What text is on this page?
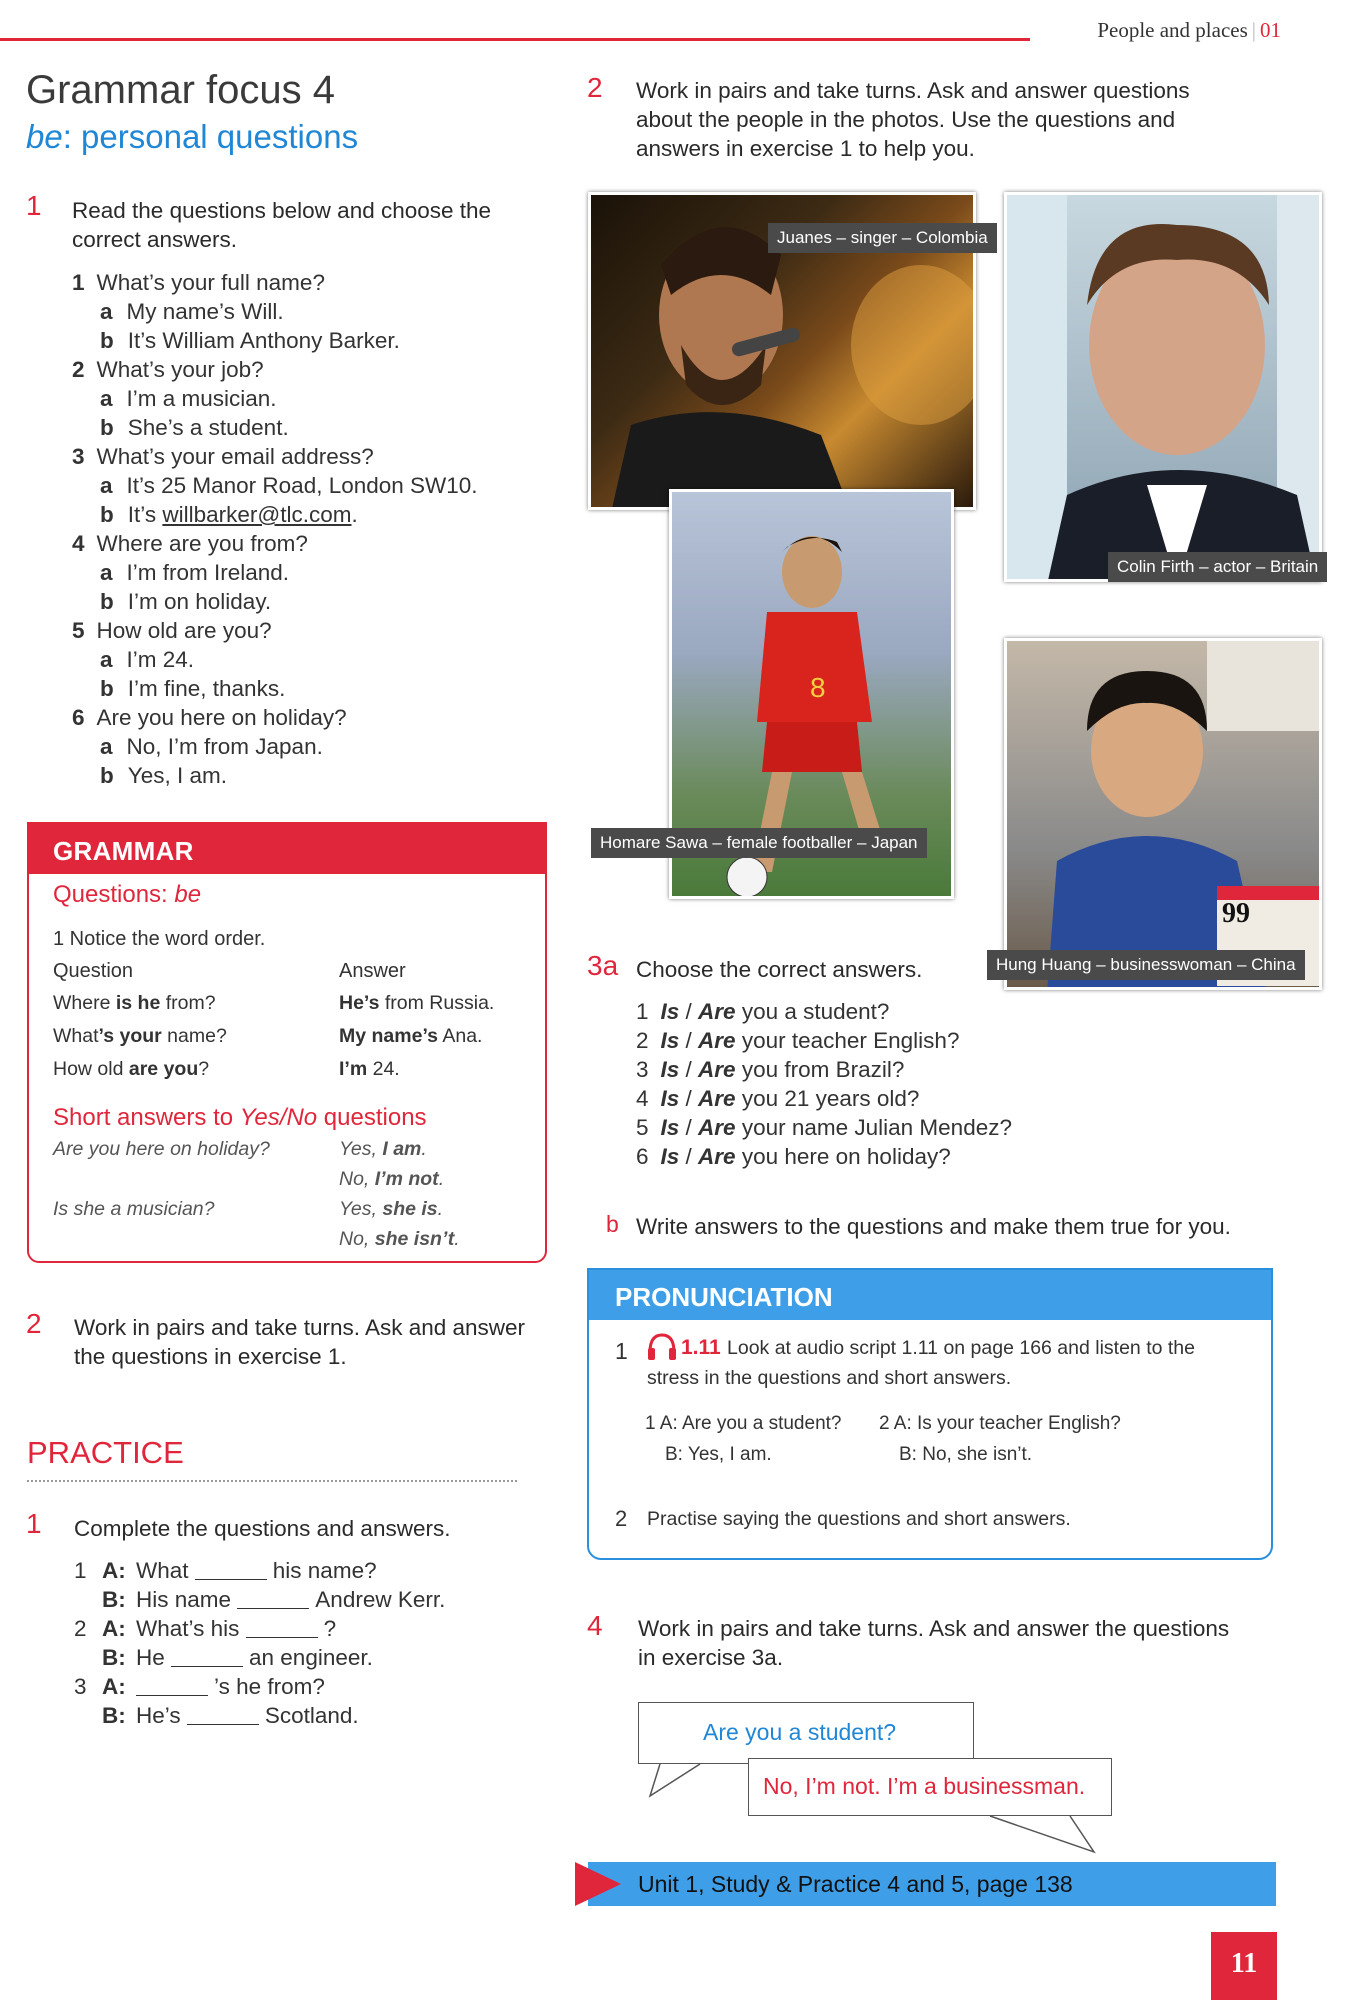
People and places | 01
Grammar focus 4
be: personal questions
1 Read the questions below and choose the
correct answers.
1 What’s your full name?
a My name’s Will.
b It’s William Anthony Barker.
2 What’s your job?
a I’m a musician.
b She’s a student.
3 What’s your email address?
a It’s 25 Manor Road, London SW10.
b It’s willbarker@tlc.com.
4 Where are you from?
a I’m from Ireland.
b I’m on holiday.
5 How old are you?
a I’m 24.
b I’m fine, thanks.
6 Are you here on holiday?
a No, I’m from Japan.
b Yes, I am.
GRAMMAR
Questions: be
1 Notice the word order.
Question	Answer
Where is he from?	He’s from Russia.
What’s your name?	My name’s Ana.
How old are you?	I’m 24.
Short answers to Yes/No questions
Are you here on holiday?	Yes, I am.
No, I’m not.
Is she a musician?	Yes, she is.
No, she isn’t.
2 Work in pairs and take turns. Ask and answer
the questions in exercise 1.
PRACTICE
1 Complete the questions and answers.
1 A: What	his name?
B: His name	Andrew Kerr.
2 A: What’s his	?
B: He	an engineer.
3 A:	’s he from?
B: He’s	Scotland.
2 Work in pairs and take turns. Ask and answer questions
about the people in the photos. Use the questions and
answers in exercise 1 to help you.
Juanes – singer – Colombia
Colin Firth – actor – Britain
8
Homare Sawa – female footballer – Japan
99
Hung Huang – businesswoman – China
3a Choose the correct answers.
1 Is / Are you a student?
2 Is / Are your teacher English?
3 Is / Are you from Brazil?
4 Is / Are you 21 years old?
5 Is / Are your name Julian Mendez?
6 Is / Are you here on holiday?
b Write answers to the questions and make them true for you.
PRONUNCIATION
1	1.11 Look at audio script 1.11 on page 166 and listen to the
stress in the questions and short answers.
1 A: Are you a student?
B: Yes, I am.
2 A: Is your teacher English?
B: No, she isn’t.
2 Practise saying the questions and short answers.
4 Work in pairs and take turns. Ask and answer the questions
in exercise 3a.
Are you a student?
No, I’m not. I’m a businessman.
Unit 1, Study & Practice 4 and 5, page 138
11
